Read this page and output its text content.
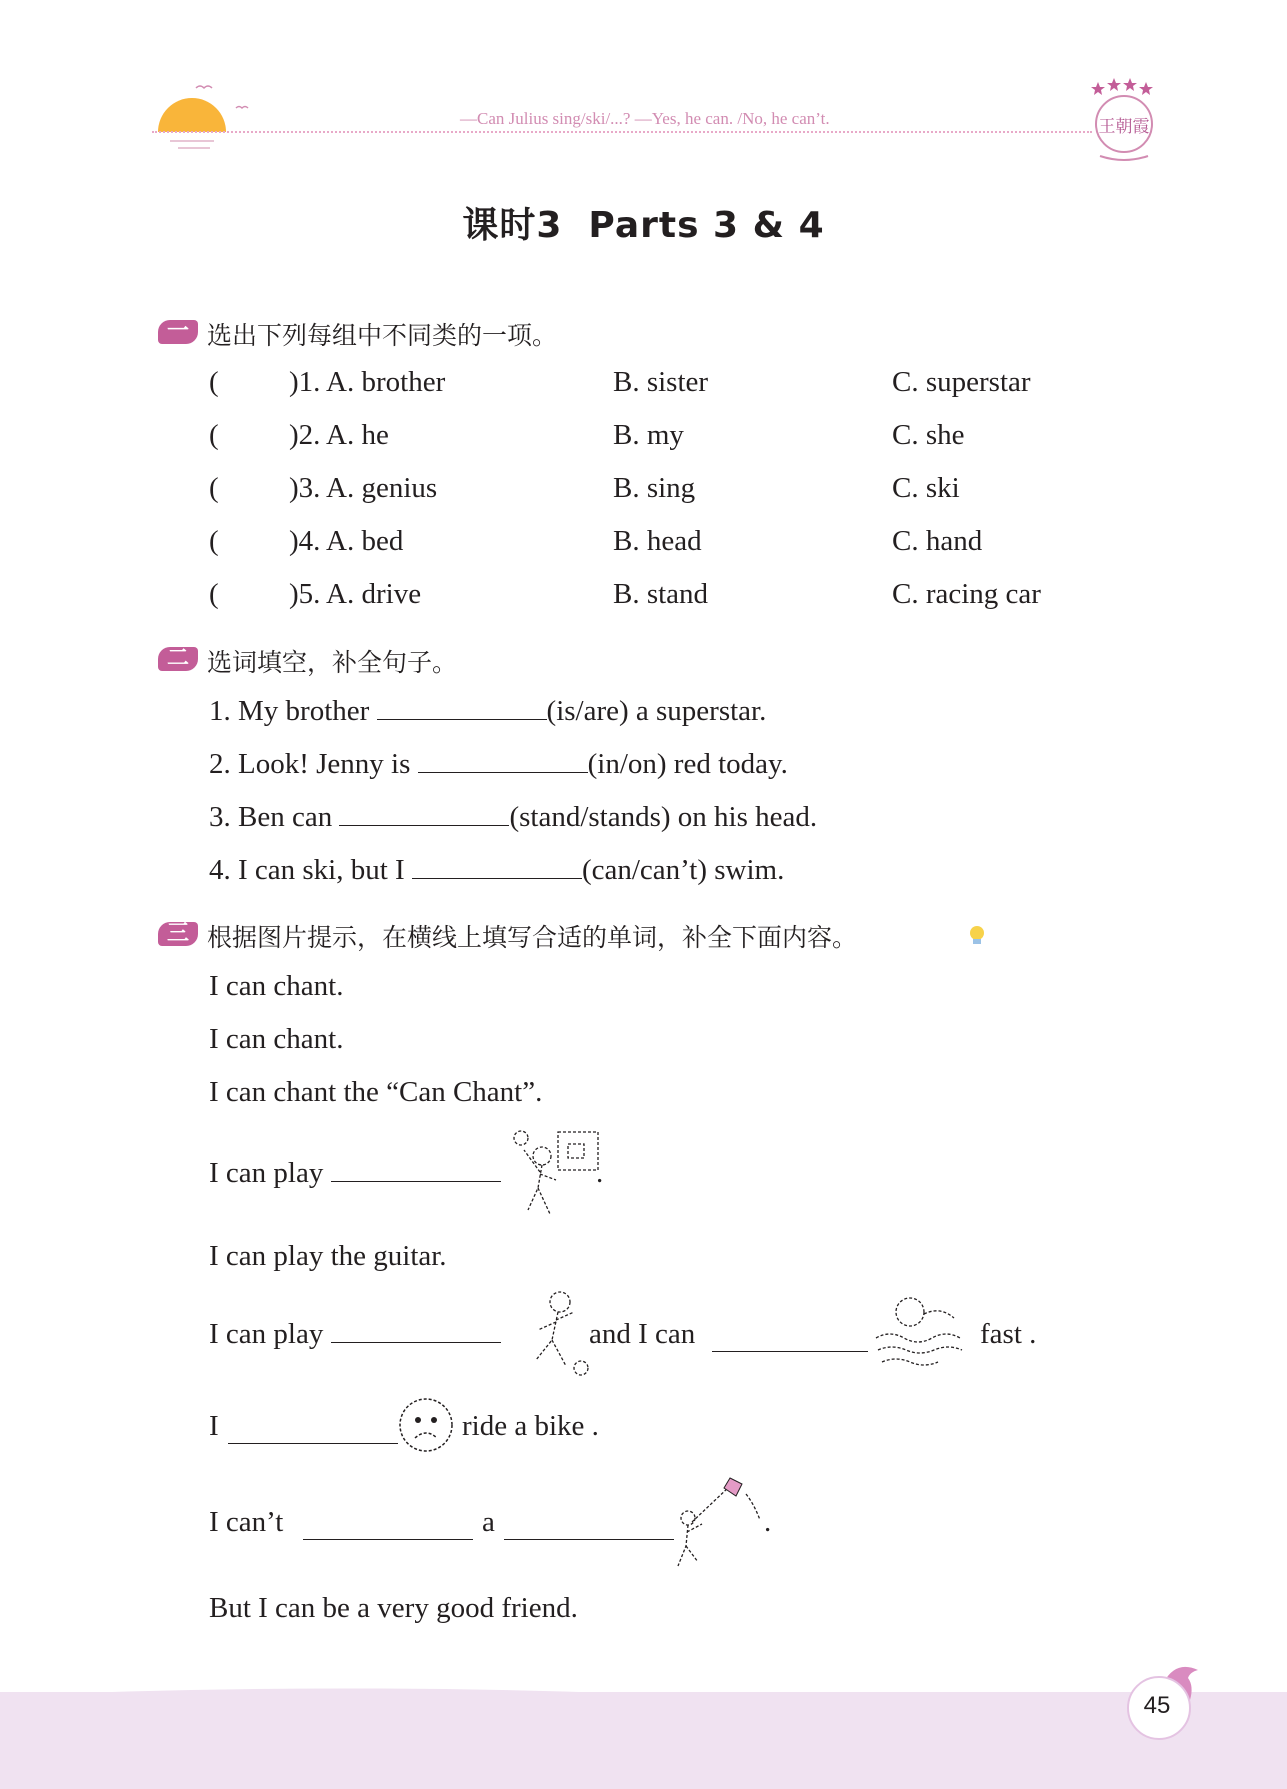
—Can Julius sing/ski/...? —Yes, he can. /No, he can’t.	王朝霞
课时3 Parts 3 & 4
一 选出下列每组中不同类的一项。
( )1. A. brother	B. sister	C. superstar
( )2. A. he	B. my	C. she
( )3. A. genius	B. sing	C. ski
( )4. A. bed	B. head	C. hand
( )5. A. drive	B. stand	C. racing car
二 选词填空，补全句子。
1. My brother	(is/are) a superstar.
2. Look! Jenny is	(in/on) red today.
3. Ben can	(stand/stands) on his head.
4. I can ski, but I	(can/can’t) swim.
三 根据图片提示，在横线上填写合适的单词，补全下面内容。
I can chant.
I can chant.
I can chant the “Can Chant”.
I can play	.
I can play the guitar.
I can play	and I can	fast .
I	ride a bike .
I can’t	a	.
But I can be a very good friend.
45
